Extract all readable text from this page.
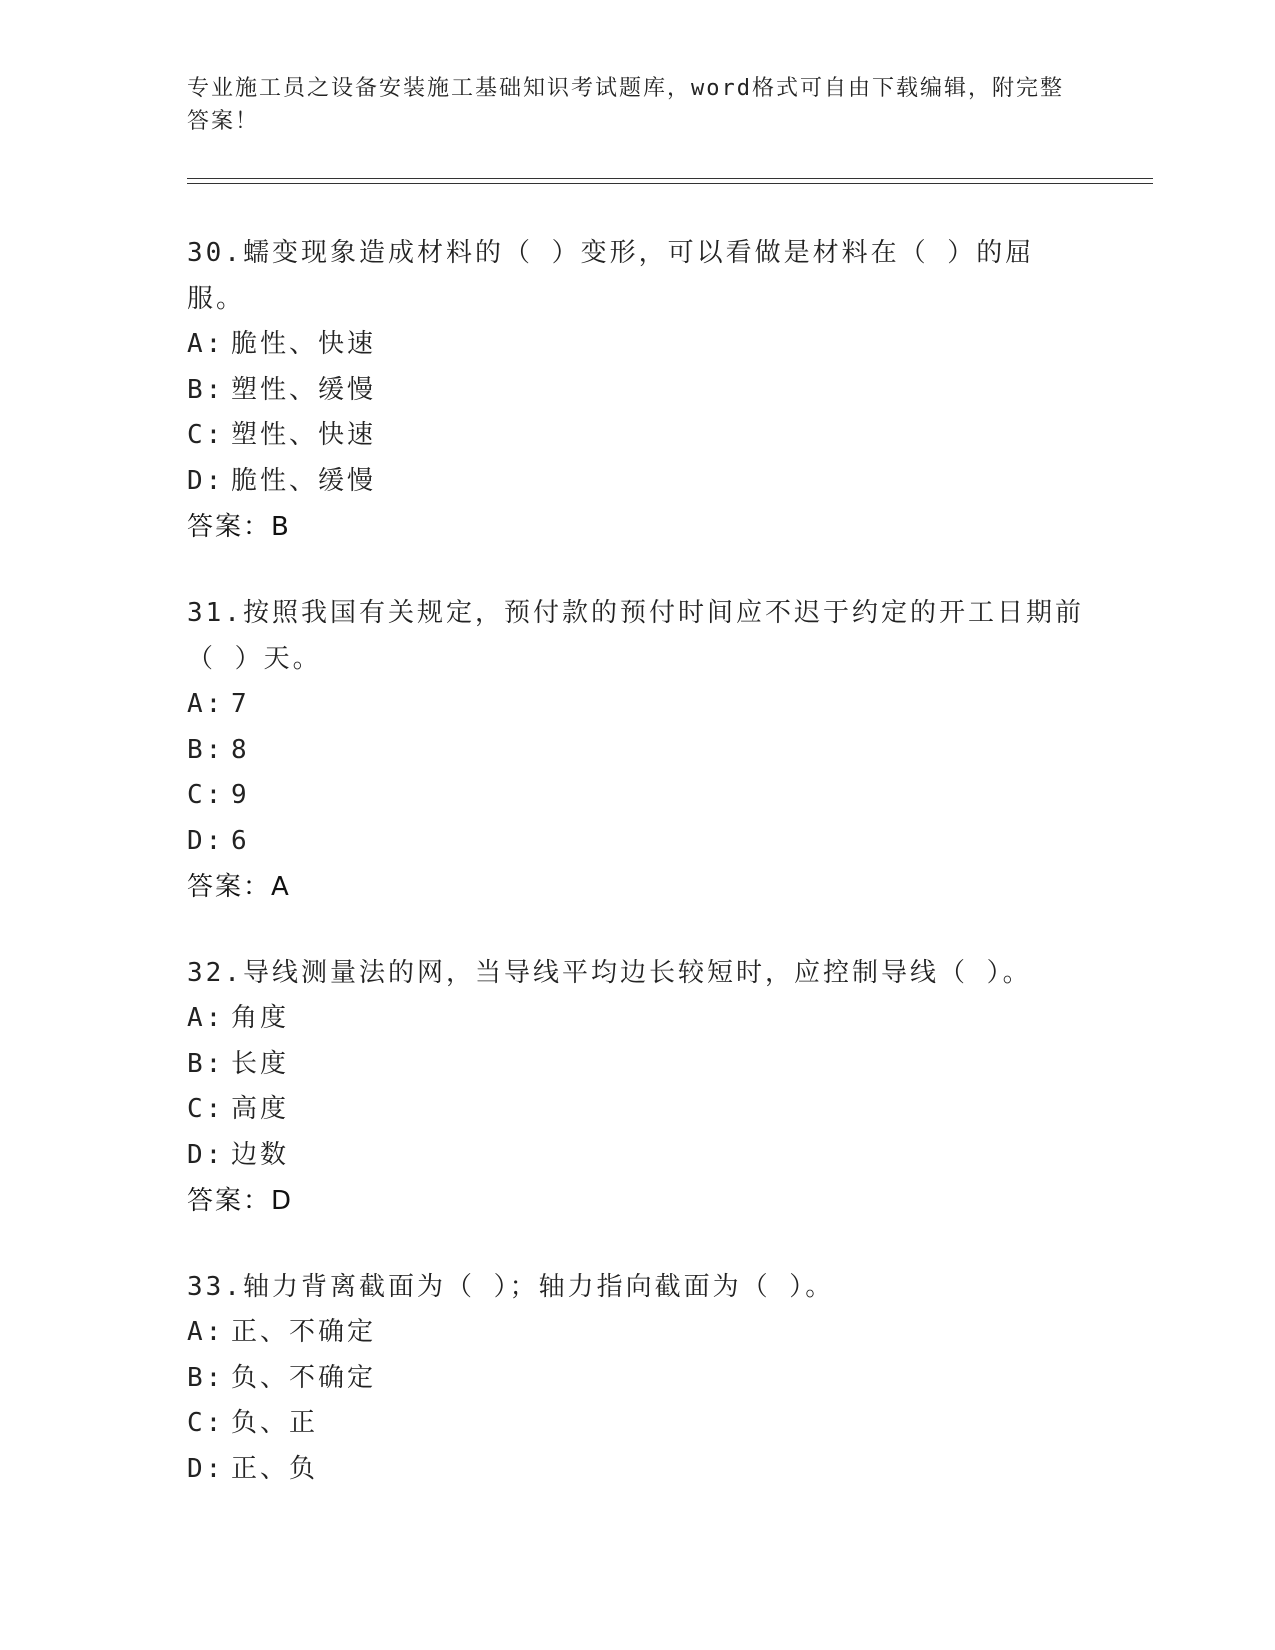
专业施工员之设备安装施工基础知识考试题库，word格式可自由下载编辑，附完整答案！

30.蠕变现象造成材料的（ ）变形，可以看做是材料在（ ）的屈服。

A: 脆性、快速

B: 塑性、缓慢

C: 塑性、快速

D: 脆性、缓慢

答案：B

31.按照我国有关规定，预付款的预付时间应不迟于约定的开工日期前（ ）天。

A: 7

B: 8

C: 9

D: 6

答案：A

32.导线测量法的网，当导线平均边长较短时，应控制导线（ ）。

A: 角度

B: 长度

C: 高度

D: 边数

答案：D

33.轴力背离截面为（ ）；轴力指向截面为（ ）。

A: 正、不确定

B: 负、不确定

C: 负、正

D: 正、负
